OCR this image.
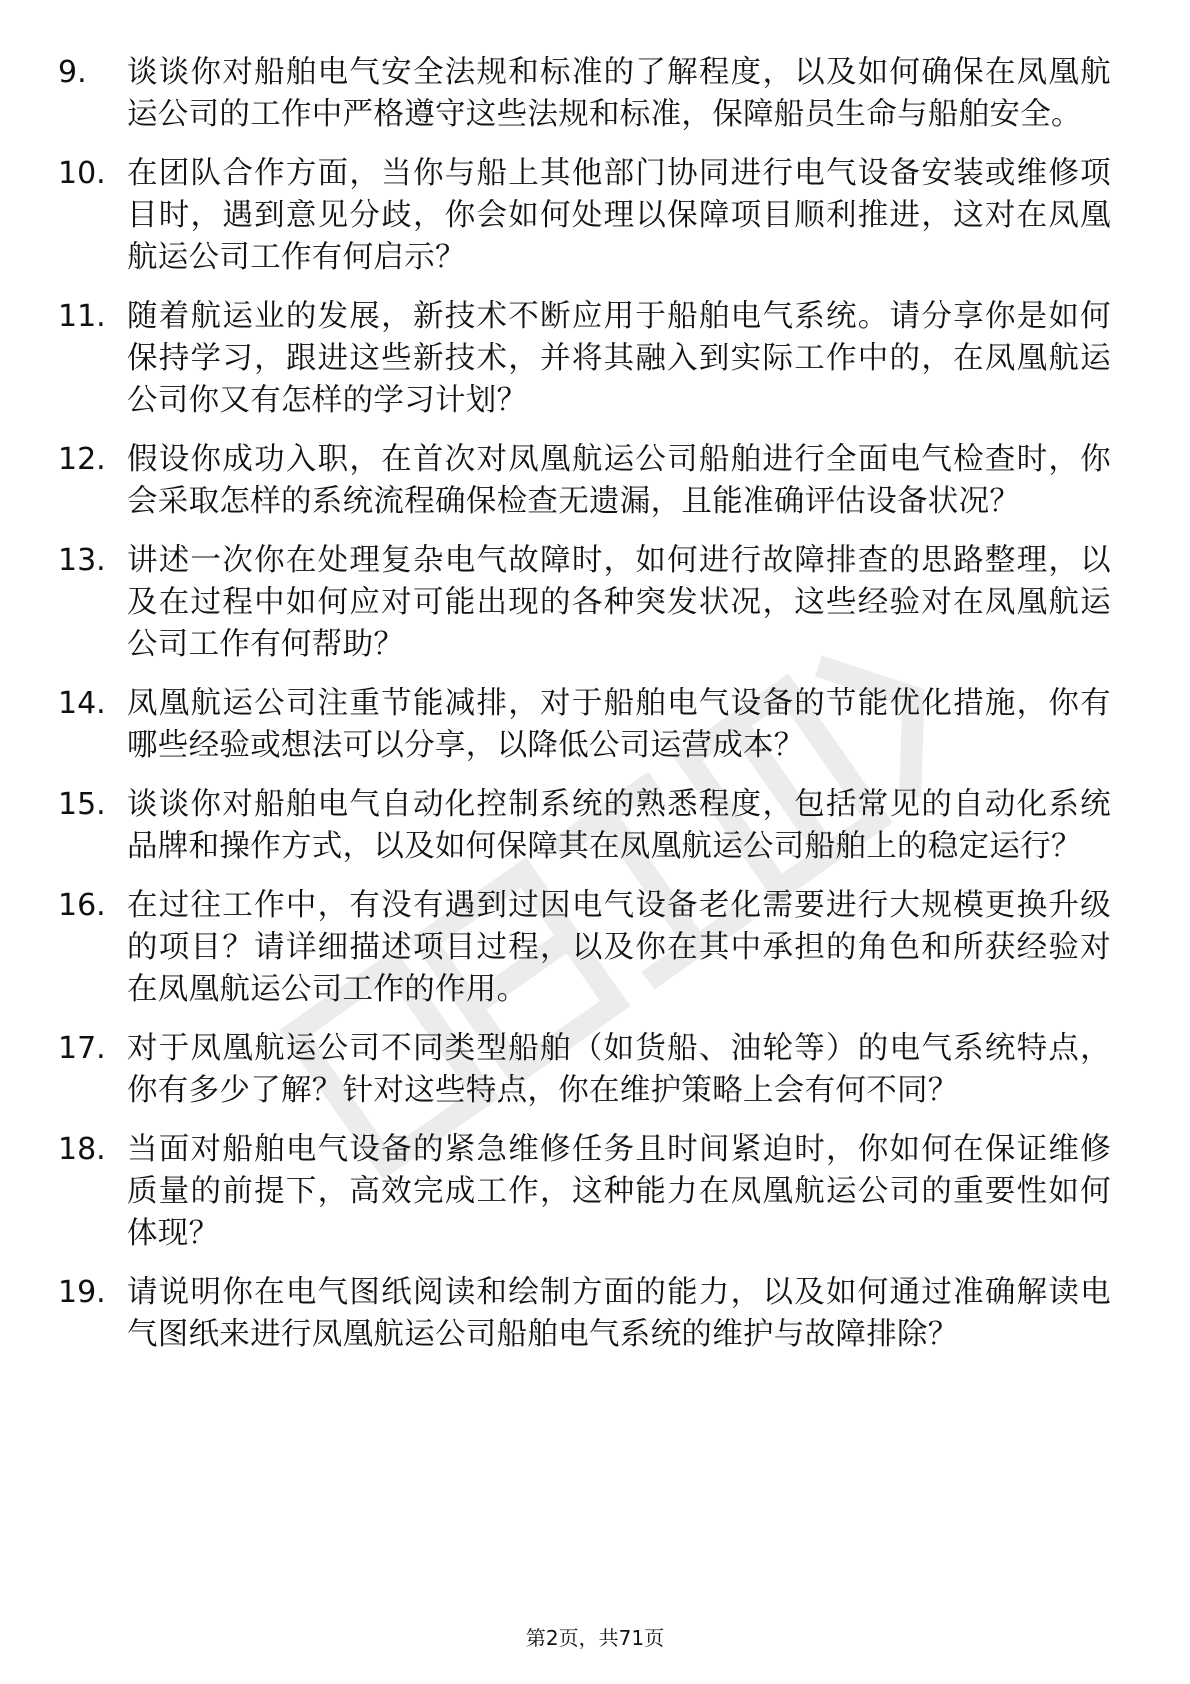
9.	谈谈你对船舶电气安全法规和标准的了解程度，以及如何确保在凤凰航运公司的工作中严格遵守这些法规和标准，保障船员生命与船舶安全。
10. 在团队合作方面，当你与船上其他部门协同进行电气设备安装或维修项目时，遇到意见分歧，你会如何处理以保障项目顺利推进，这对在凤凰航运公司工作有何启示？
11. 随着航运业的发展，新技术不断应用于船舶电气系统。请分享你是如何保持学习，跟进这些新技术，并将其融入到实际工作中的，在凤凰航运公司你又有怎样的学习计划？
12. 假设你成功入职，在首次对凤凰航运公司船舶进行全面电气检查时，你会采取怎样的系统流程确保检查无遗漏，且能准确评估设备状况？
13. 讲述一次你在处理复杂电气故障时，如何进行故障排查的思路整理，以及在过程中如何应对可能出现的各种突发状况，这些经验对在凤凰航运公司工作有何帮助？
14. 凤凰航运公司注重节能减排，对于船舶电气设备的节能优化措施，你有哪些经验或想法可以分享，以降低公司运营成本？
15. 谈谈你对船舶电气自动化控制系统的熟悉程度，包括常见的自动化系统品牌和操作方式，以及如何保障其在凤凰航运公司船舶上的稳定运行？
16. 在过往工作中，有没有遇到过因电气设备老化需要进行大规模更换升级的项目？请详细描述项目过程，以及你在其中承担的角色和所获经验对在凤凰航运公司工作的作用。
17. 对于凤凰航运公司不同类型船舶（如货船、油轮等）的电气系统特点，你有多少了解？针对这些特点，你在维护策略上会有何不同？
18. 当面对船舶电气设备的紧急维修任务且时间紧迫时，你如何在保证维修质量的前提下，高效完成工作，这种能力在凤凰航运公司的重要性如何体现？
19. 请说明你在电气图纸阅读和绘制方面的能力，以及如何通过准确解读电气图纸来进行凤凰航运公司船舶电气系统的维护与故障排除？
第2页，共71页
